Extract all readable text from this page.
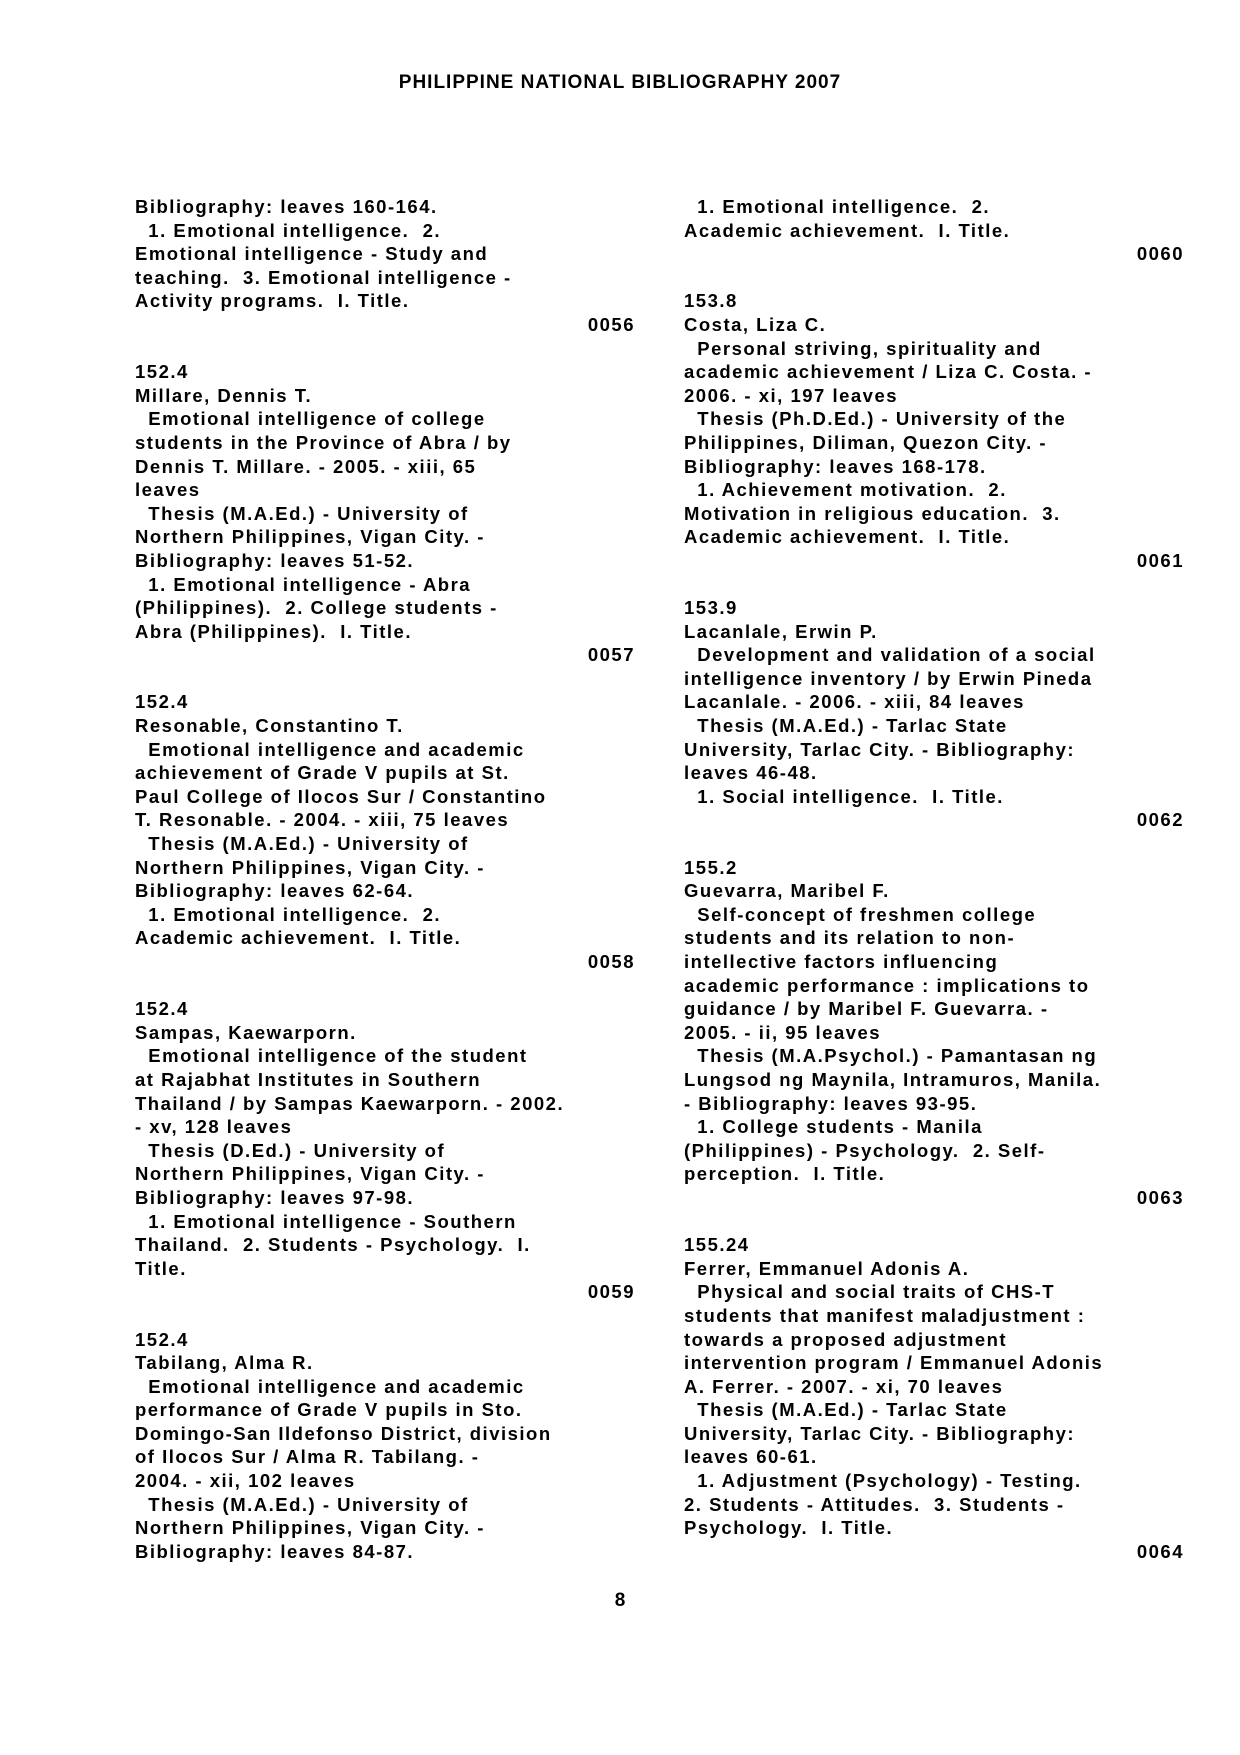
PHILIPPINE NATIONAL BIBLIOGRAPHY 2007
Bibliography: leaves 160-164.
1. Emotional intelligence.  2.
Emotional intelligence - Study and
teaching.  3. Emotional intelligence -
Activity programs.  I. Title.
0056
152.4
Millare, Dennis T.
Emotional intelligence of college
students in the Province of Abra / by
Dennis T. Millare. - 2005. - xiii, 65
leaves
Thesis (M.A.Ed.) - University of
Northern Philippines, Vigan City. -
Bibliography: leaves 51-52.
1. Emotional intelligence - Abra
(Philippines).  2. College students -
Abra (Philippines).  I. Title.
0057
152.4
Resonable, Constantino T.
Emotional intelligence and academic
achievement of Grade V pupils at St.
Paul College of Ilocos Sur / Constantino
T. Resonable. - 2004. - xiii, 75 leaves
Thesis (M.A.Ed.) - University of
Northern Philippines, Vigan City. -
Bibliography: leaves 62-64.
1. Emotional intelligence.  2.
Academic achievement.  I. Title.
0058
152.4
Sampas, Kaewarporn.
Emotional intelligence of the student
at Rajabhat Institutes in Southern
Thailand / by Sampas Kaewarporn. - 2002.
- xv, 128 leaves
Thesis (D.Ed.) - University of
Northern Philippines, Vigan City. -
Bibliography: leaves 97-98.
1. Emotional intelligence - Southern
Thailand.  2. Students - Psychology.  I.
Title.
0059
152.4
Tabilang, Alma R.
Emotional intelligence and academic
performance of Grade V pupils in Sto.
Domingo-San Ildefonso District, division
of Ilocos Sur / Alma R. Tabilang. -
2004. - xii, 102 leaves
Thesis (M.A.Ed.) - University of
Northern Philippines, Vigan City. -
Bibliography: leaves 84-87.
1. Emotional intelligence.  2.
Academic achievement.  I. Title.
0060
153.8
Costa, Liza C.
Personal striving, spirituality and
academic achievement / Liza C. Costa. -
2006. - xi, 197 leaves
Thesis (Ph.D.Ed.) - University of the
Philippines, Diliman, Quezon City. -
Bibliography: leaves 168-178.
1. Achievement motivation.  2.
Motivation in religious education.  3.
Academic achievement.  I. Title.
0061
153.9
Lacanlale, Erwin P.
Development and validation of a social
intelligence inventory / by Erwin Pineda
Lacanlale. - 2006. - xiii, 84 leaves
Thesis (M.A.Ed.) - Tarlac State
University, Tarlac City. - Bibliography:
leaves 46-48.
1. Social intelligence.  I. Title.
0062
155.2
Guevarra, Maribel F.
Self-concept of freshmen college
students and its relation to non-
intellective factors influencing
academic performance : implications to
guidance / by Maribel F. Guevarra. -
2005. - ii, 95 leaves
Thesis (M.A.Psychol.) - Pamantasan ng
Lungsod ng Maynila, Intramuros, Manila.
- Bibliography: leaves 93-95.
1. College students - Manila
(Philippines) - Psychology.  2. Self-
perception.  I. Title.
0063
155.24
Ferrer, Emmanuel Adonis A.
Physical and social traits of CHS-T
students that manifest maladjustment :
towards a proposed adjustment
intervention program / Emmanuel Adonis
A. Ferrer. - 2007. - xi, 70 leaves
Thesis (M.A.Ed.) - Tarlac State
University, Tarlac City. - Bibliography:
leaves 60-61.
1. Adjustment (Psychology) - Testing.
2. Students - Attitudes.  3. Students -
Psychology.  I. Title.
0064
8
